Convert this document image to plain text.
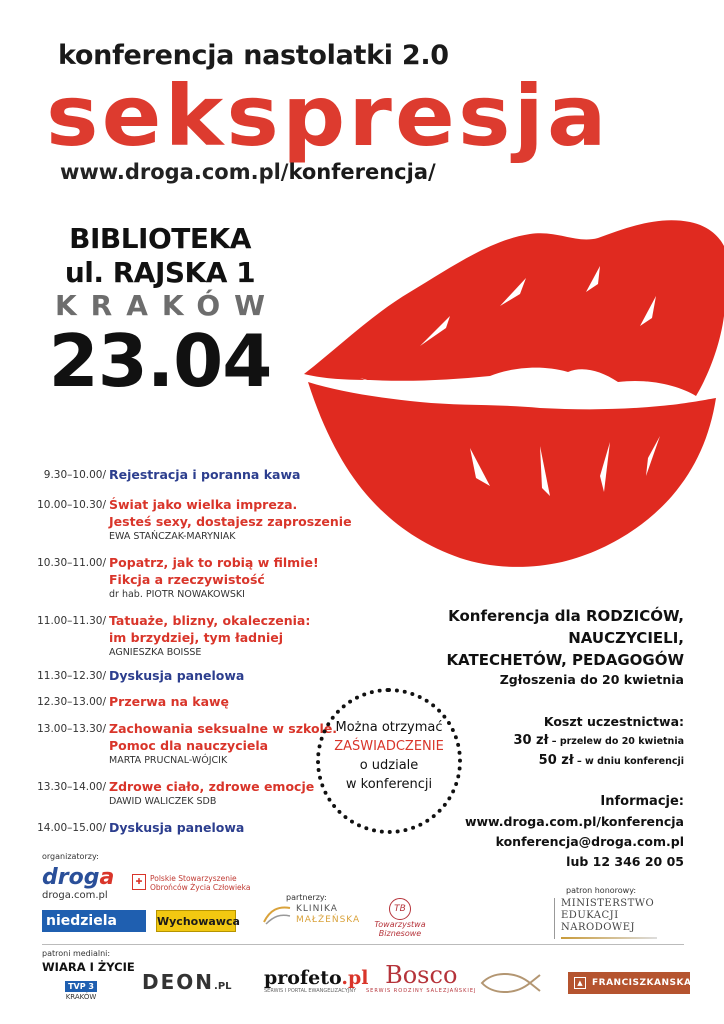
konferencja nastolatki 2.0
sekspresja
www.droga.com.pl/konferencja/
BIBLIOTEKA
ul. RAJSKA 1
KRAKÓW
23.04
9.30–10.00/ Rejestracja i poranna kawa
10.00–10.30/ Świat jako wielka impreza.
Jesteś sexy, dostajesz zaproszenie
EWA STAŃCZAK-MARYNIAK
10.30–11.00/ Popatrz, jak to robią w filmie!
Fikcja a rzeczywistość
dr hab. PIOTR NOWAKOWSKI
11.00–11.30/ Tatuaże, blizny, okaleczenia:
im brzydziej, tym ładniej
AGNIESZKA BOISSE
11.30–12.30/ Dyskusja panelowa
12.30–13.00/ Przerwa na kawę
13.00–13.30/ Zachowania seksualne w szkole.
Pomoc dla nauczyciela
MARTA PRUCNAL-WÓJCIK
13.30–14.00/ Zdrowe ciało, zdrowe emocje
DAWID WALICZEK SDB
14.00–15.00/ Dyskusja panelowa
Konferencja dla RODZICÓW, NAUCZYCIELI,
KATECHETÓW, PEDAGOGÓW
Zgłoszenia do 20 kwietnia
Koszt uczestnictwa:
30 zł – przelew do 20 kwietnia
50 zł – w dniu konferencji
Informacje:
www.droga.com.pl/konferencja
konferencja@droga.com.pl
lub 12 346 20 05
Można otrzymać
ZAŚWIADCZENIE
o udziale
w konferencji
organizatorzy:
droga
droga.com.pl
✚	Polskie Stowarzyszenie
Obrońców Życia Człowieka
niedziela	Wychowawca
partnerzy:
KLINIKA
MAŁŻEŃSKA
TB
Towarzystwa
Biznesowe
patron honorowy:
MINISTERSTWO
EDUKACJI
NARODOWEJ
patroni medialni:
WIARA I ŻYCIE
TVP 3
KRAKÓW
DEON.PL profeto.pl
SERWIS I PORTAL EWANGELIZACYJNY
Bosco
SERWIS RODZINY SALEZJAŃSKIEJ
▲	FRANCISZKANSKA3.PL
